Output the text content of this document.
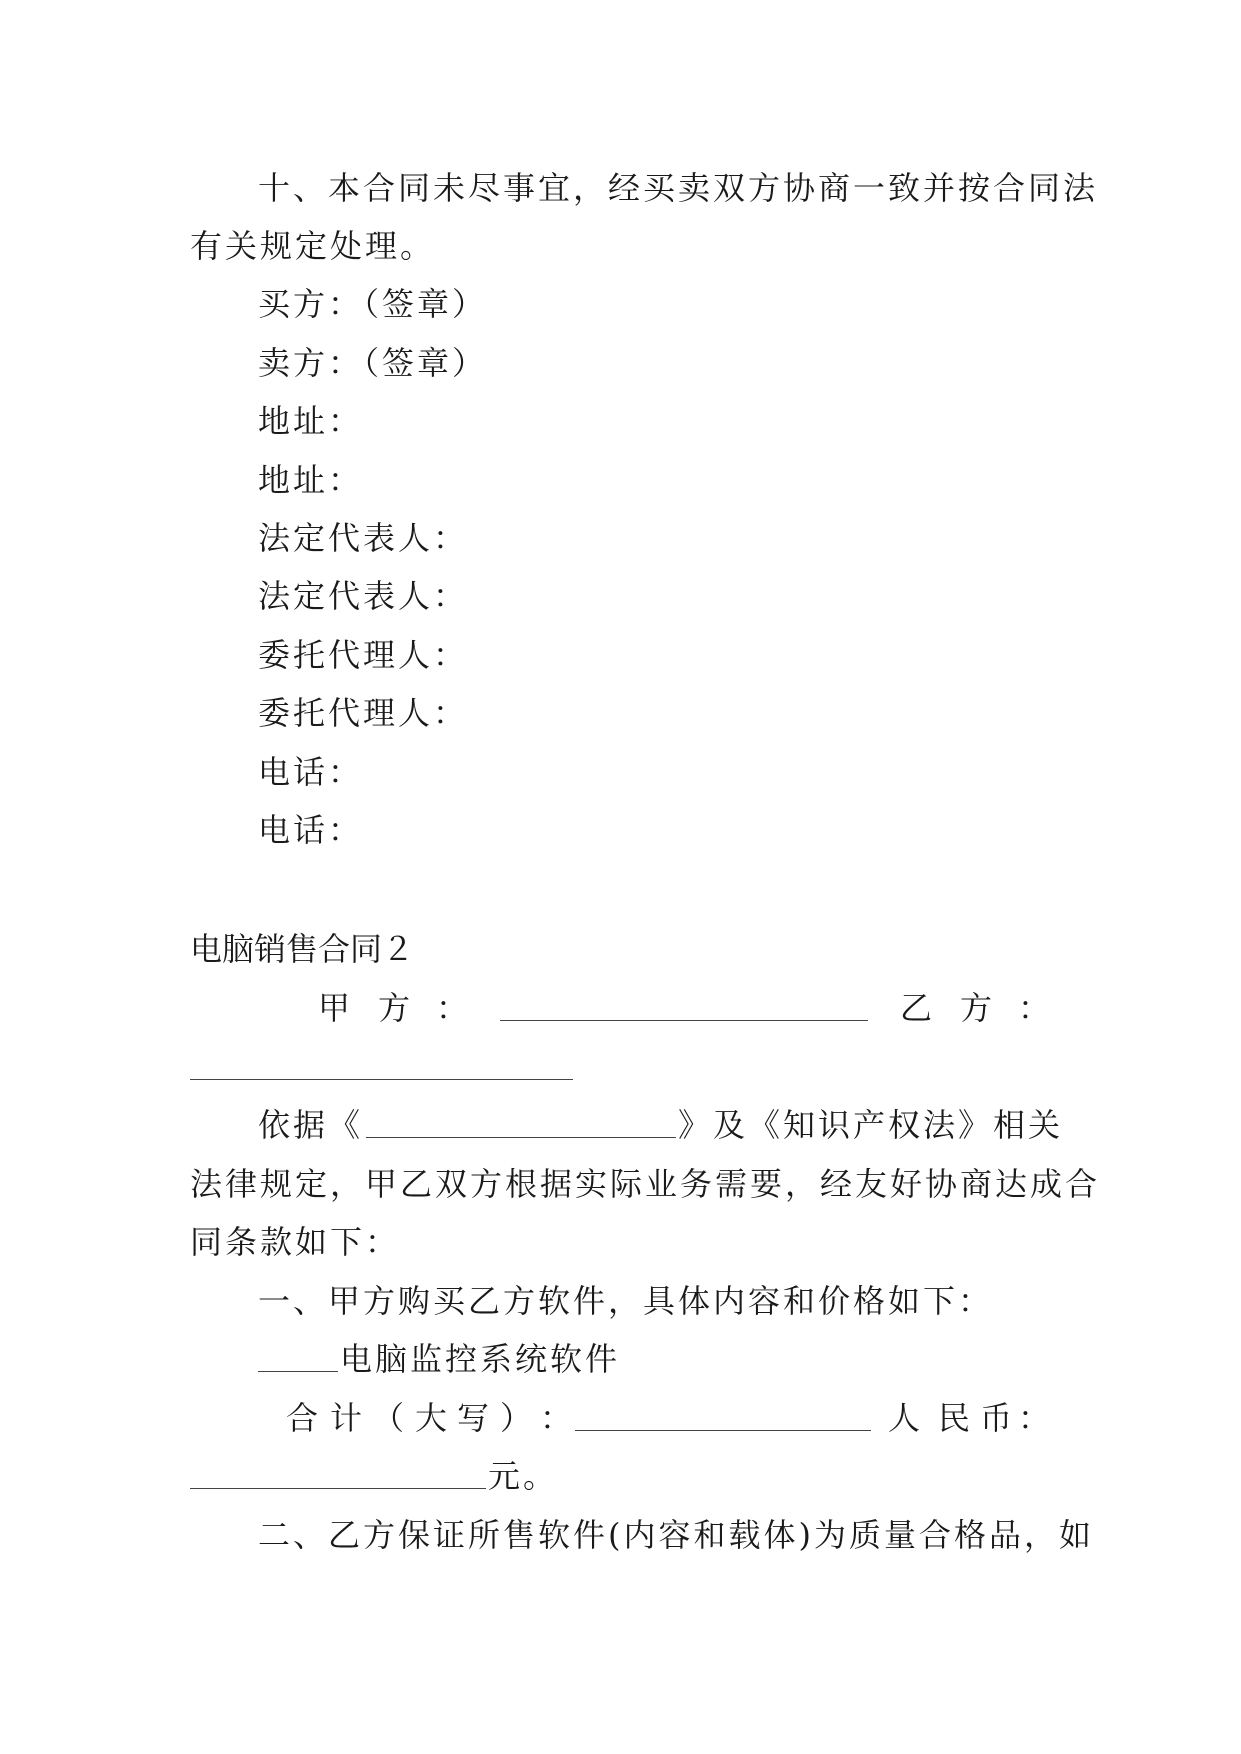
十、本合同未尽事宜，经买卖双方协商一致并按合同法
有关规定处理。
买方：（签章）
卖方：（签章）
地址：
地址：
法定代表人：
法定代表人：
委托代理人：
委托代理人：
电话：
电话：
电脑销售合同２
甲 方 ：	乙 方 ：
依据《	》及《知识产权法》相关
法律规定，甲乙双方根据实际业务需要，经友好协商达成合
同条款如下：
一、甲方购买乙方软件，具体内容和价格如下：
电脑监控系统软件
合 计 （ 大 写 ） ：	人 民 币 ：
元。
二、乙方保证所售软件(内容和载体)为质量合格品，如
